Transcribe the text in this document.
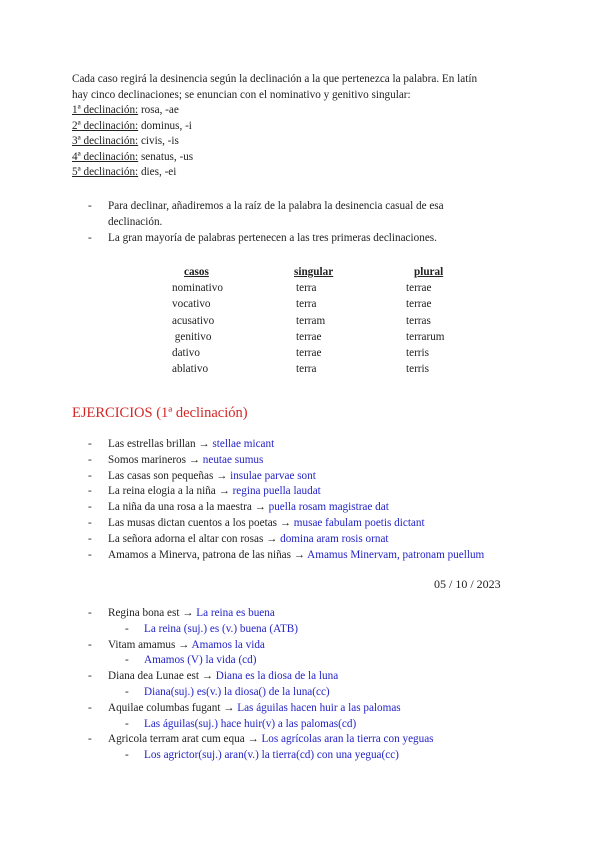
Cada caso regirá la desinencia según la declinación a la que pertenezca la palabra. En latín
hay cinco declinaciones; se enuncian con el nominativo y genitivo singular:
1ª declinación: rosa, -ae
2ª declinación: dominus, -i
3ª declinación: civis, -is
4ª declinación: senatus, -us
5ª declinación: dies, -ei
- Para declinar, añadiremos a la raíz de la palabra la desinencia casual de esa declinación.
- La gran mayoría de palabras pertenecen a las tres primeras declinaciones.
casos	singular	plural
nominativo	terra	terrae
vocativo	terra	terrae
acusativo	terram	terras
genitivo	terrae	terrarum
dativo	terrae	terris
ablativo	terra	terris
EJERCICIOS (1ª declinación)
- Las estrellas brillan → stellae micant
- Somos marineros → neutae sumus
- Las casas son pequeñas → insulae parvae sont
- La reina elogia a la niña → regina puella laudat
- La niña da una rosa a la maestra → puella rosam magistrae dat
- Las musas dictan cuentos a los poetas → musae fabulam poetis dictant
- La señora adorna el altar con rosas → domina aram rosis ornat
- Amamos a Minerva, patrona de las niñas → Amamus Minervam, patronam puellum
05 / 10 / 2023
- Regina bona est → La reina es buena
- La reina (suj.) es (v.) buena (ATB)
- Vitam amamus → Amamos la vida
- Amamos (V) la vida (cd)
- Diana dea Lunae est → Diana es la diosa de la luna
- Diana(suj.) es(v.) la diosa() de la luna(cc)
- Aquilae columbas fugant → Las águilas hacen huir a las palomas
- Las águilas(suj.) hace huir(v) a las palomas(cd)
- Agricola terram arat cum equa → Los agrícolas aran la tierra con yeguas
- Los agrictor(suj.) aran(v.) la tierra(cd) con una yegua(cc)
